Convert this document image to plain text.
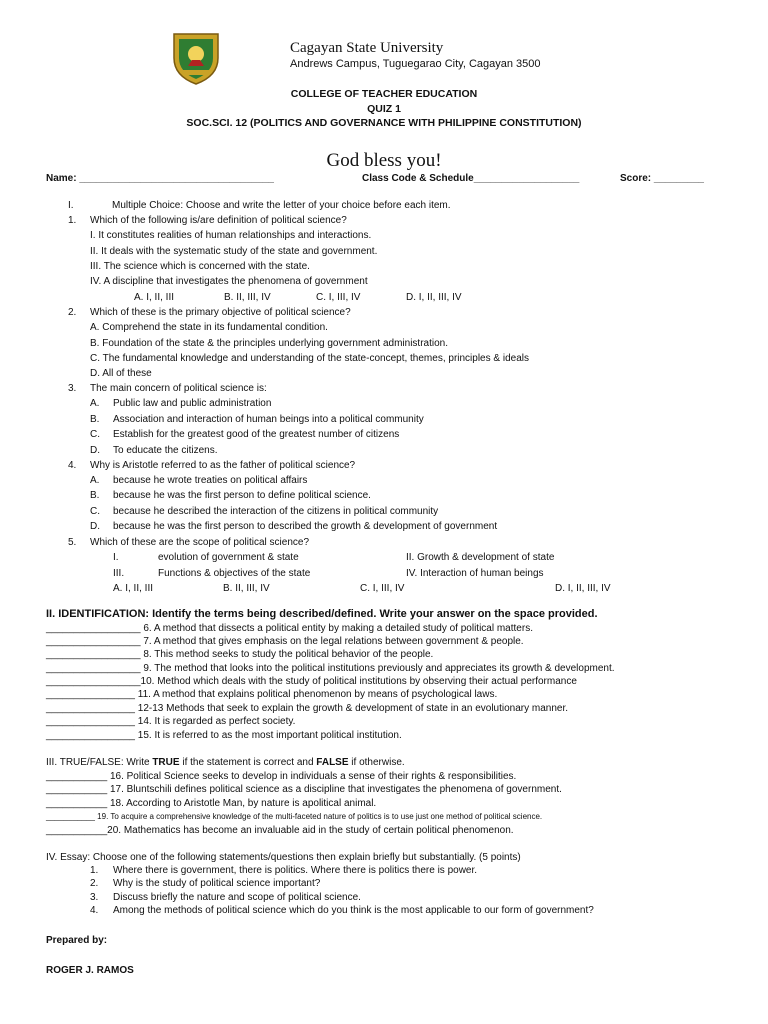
Cagayan State University
Andrews Campus, Tuguegarao City, Cagayan 3500
COLLEGE OF TEACHER EDUCATION
QUIZ 1
SOC.SCI. 12 (POLITICS AND GOVERNANCE WITH PHILIPPINE CONSTITUTION)
God bless you!
Name: ___________________________________	Class Code & Schedule___________________	Score: _________
I.	Multiple Choice: Choose and write the letter of your choice before each item.
1. Which of the following is/are definition of political science?
I. It constitutes realities of human relationships and interactions.
II. It deals with the systematic study of the state and government.
III. The science which is concerned with the state.
IV. A discipline that investigates the phenomena of government
A. I, II, III	B. II, III, IV	C. I, III, IV	D. I, II, III, IV
2. Which of these is the primary objective of political science?
A. Comprehend the state in its fundamental condition.
B. Foundation of the state & the principles underlying government administration.
C. The fundamental knowledge and understanding of the state-concept, themes, principles & ideals
D. All of these
3. The main concern of political science is:
A. Public law and public administration
B. Association and interaction of human beings into a political community
C. Establish for the greatest good of the greatest number of citizens
D. To educate the citizens.
4. Why is Aristotle referred to as the father of political science?
A. because he wrote treaties on political affairs
B. because he was the first person to define political science.
C. because he described the interaction of the citizens in political community
D. because he was the first person to described the growth & development of government
5. Which of these are the scope of political science?
I.	evolution of government & state	II. Growth & development of state
III.	Functions & objectives of the state	IV. Interaction of human beings
A. I, II, III	B. II, III, IV	C. I, III, IV	D. I, II, III, IV
II. IDENTIFICATION: Identify the terms being described/defined. Write your answer on the space provided.
_________________ 6. A method that dissects a political entity by making a detailed study of political matters.
_________________ 7. A method that gives emphasis on the legal relations between government & people.
_________________ 8. This method seeks to study the political behavior of the people.
_________________ 9. The method that looks into the political institutions previously and appreciates its growth & development.
_________________10. Method which deals with the study of political institutions by observing their actual performance
________________ 11. A method that explains political phenomenon by means of psychological laws.
________________ 12-13 Methods that seek to explain the growth & development of state in an evolutionary manner.
________________ 14. It is regarded as perfect society.
________________ 15. It is referred to as the most important political institution.
III. TRUE/FALSE: Write TRUE if the statement is correct and FALSE if otherwise.
___________ 16. Political Science seeks to develop in individuals a sense of their rights & responsibilities.
___________ 17. Bluntschili defines political science as a discipline that investigates the phenomena of government.
___________ 18. According to Aristotle Man, by nature is apolitical animal.
___________ 19. To acquire a comprehensive knowledge of the multi-faceted nature of politics is to use just one method of political science.
___________20. Mathematics has become an invaluable aid in the study of certain political phenomenon.
IV. Essay: Choose one of the following statements/questions then explain briefly but substantially. (5 points)
1. Where there is government, there is politics. Where there is politics there is power.
2. Why is the study of political science important?
3. Discuss briefly the nature and scope of political science.
4. Among the methods of political science which do you think is the most applicable to our form of government?
Prepared by:
ROGER J. RAMOS
